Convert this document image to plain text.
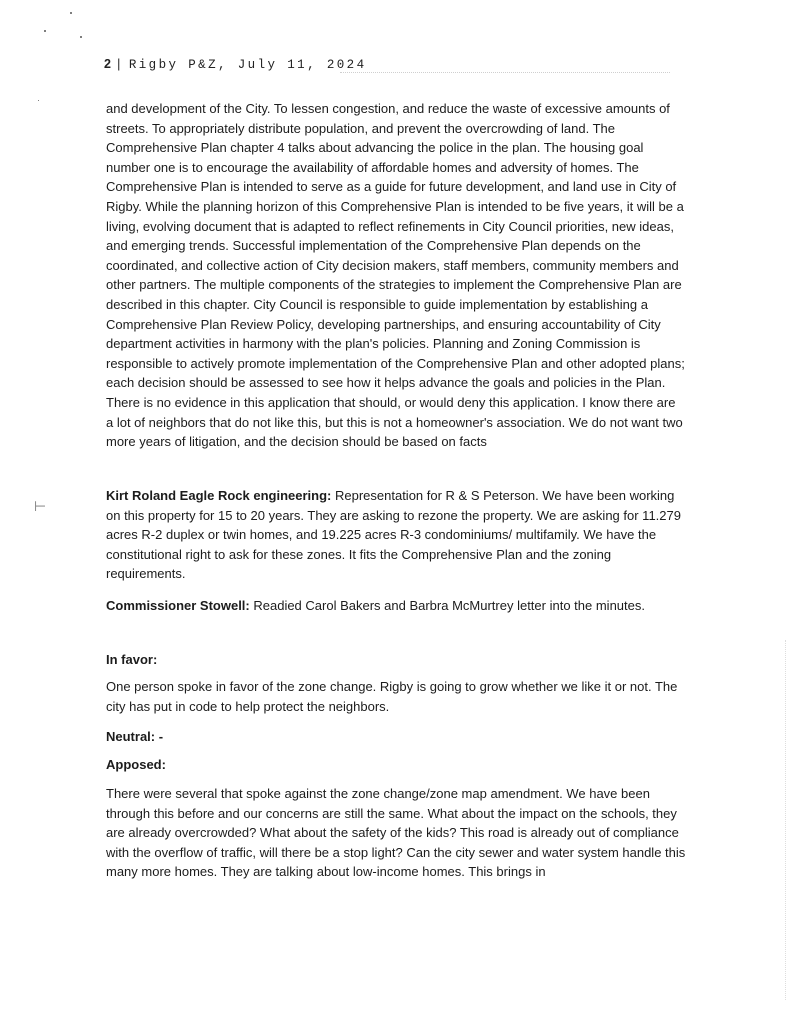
2 | Rigby P&Z, July 11, 2024
and development of the City. To lessen congestion, and reduce the waste of excessive amounts of streets. To appropriately distribute population, and prevent the overcrowding of land. The Comprehensive Plan chapter 4 talks about advancing the police in the plan. The housing goal number one is to encourage the availability of affordable homes and adversity of homes. The Comprehensive Plan is intended to serve as a guide for future development, and land use in City of Rigby. While the planning horizon of this Comprehensive Plan is intended to be five years, it will be a living, evolving document that is adapted to reflect refinements in City Council priorities, new ideas, and emerging trends. Successful implementation of the Comprehensive Plan depends on the coordinated, and collective action of City decision makers, staff members, community members and other partners. The multiple components of the strategies to implement the Comprehensive Plan are described in this chapter. City Council is responsible to guide implementation by establishing a Comprehensive Plan Review Policy, developing partnerships, and ensuring accountability of City department activities in harmony with the plan's policies. Planning and Zoning Commission is responsible to actively promote implementation of the Comprehensive Plan and other adopted plans; each decision should be assessed to see how it helps advance the goals and policies in the Plan. There is no evidence in this application that should, or would deny this application. I know there are a lot of neighbors that do not like this, but this is not a homeowner's association. We do not want two more years of litigation, and the decision should be based on facts
Kirt Roland Eagle Rock engineering: Representation for R & S Peterson. We have been working on this property for 15 to 20 years. They are asking to rezone the property. We are asking for 11.279 acres R-2 duplex or twin homes, and 19.225 acres R-3 condominiums/ multifamily. We have the constitutional right to ask for these zones. It fits the Comprehensive Plan and the zoning requirements.
Commissioner Stowell: Readied Carol Bakers and Barbra McMurtrey letter into the minutes.
In favor:
One person spoke in favor of the zone change. Rigby is going to grow whether we like it or not. The city has put in code to help protect the neighbors.
Neutral: -
Apposed:
There were several that spoke against the zone change/zone map amendment. We have been through this before and our concerns are still the same. What about the impact on the schools, they are already overcrowded? What about the safety of the kids? This road is already out of compliance with the overflow of traffic, will there be a stop light? Can the city sewer and water system handle this many more homes. They are talking about low-income homes. This brings in
⊢
